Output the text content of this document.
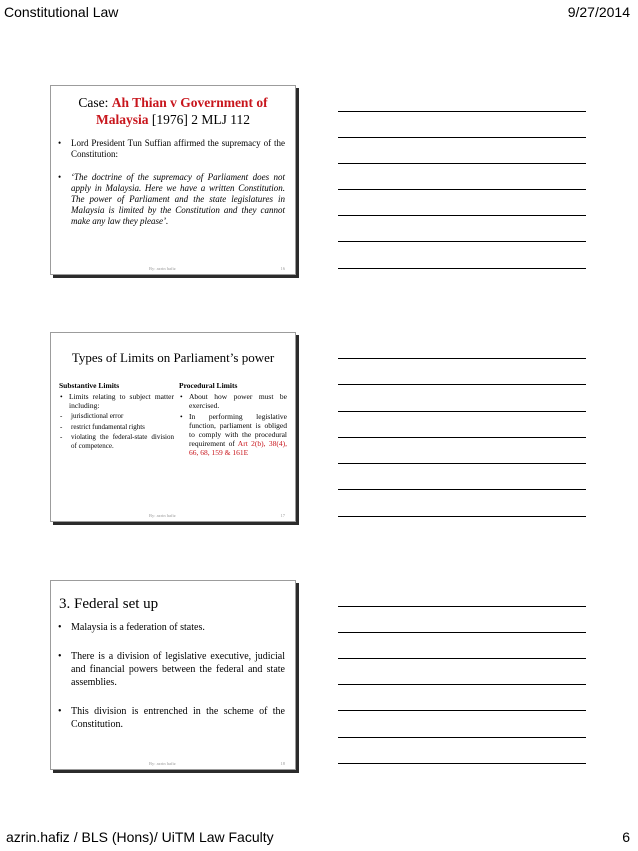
Constitutional Law	9/27/2014
Case: Ah Thian v Government of Malaysia [1976] 2 MLJ 112
• Lord President Tun Suffian affirmed the supremacy of the Constitution:
• ‘The doctrine of the supremacy of Parliament does not apply in Malaysia. Here we have a written Constitution. The power of Parliament and the state legislatures in Malaysia is limited by the Constitution and they cannot make any law they please’.
By: azrin hafiz	16
Types of Limits on Parliament’s power
Substantive Limits
• Limits relating to subject matter including:
- jurisdictional error
- restrict fundamental rights
- violating the federal-state division of competence.
Procedural Limits
• About how power must be exercised.
• In performing legislative function, parliament is obliged to comply with the procedural requirement of Art 2(b), 38(4), 66, 68, 159 & 161E
By: azrin hafiz	17
3. Federal set up
• Malaysia is a federation of states.
• There is a division of legislative executive, judicial and financial powers between the federal and state assemblies.
• This division is entrenched in the scheme of the Constitution.
By: azrin hafiz	18
azrin.hafiz / BLS (Hons)/ UiTM Law Faculty	6
